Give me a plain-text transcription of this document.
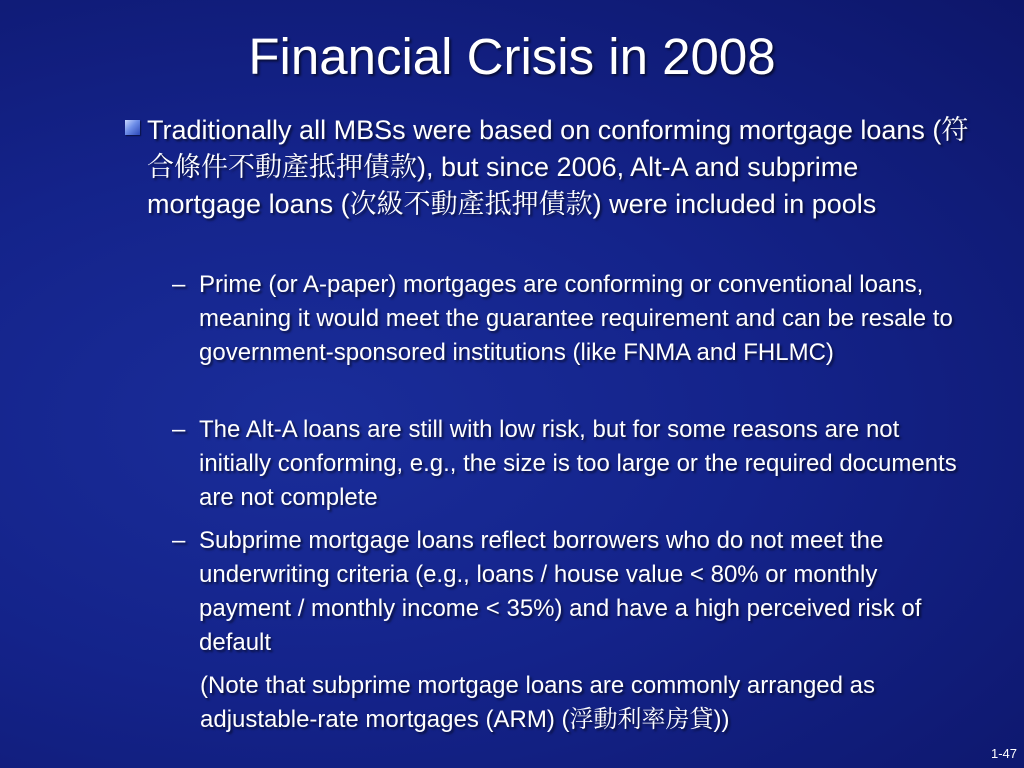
Financial Crisis in 2008
Traditionally all MBSs were based on conforming mortgage loans (符合條件不動產抵押債款), but since 2006, Alt-A and subprime mortgage loans (次級不動產抵押債款) were included in pools
– Prime (or A-paper) mortgages are conforming or conventional loans, meaning it would meet the guarantee requirement and can be resale to government-sponsored institutions (like FNMA and FHLMC)
– The Alt-A loans are still with low risk, but for some reasons are not initially conforming, e.g., the size is too large or the required documents are not complete
– Subprime mortgage loans reflect borrowers who do not meet the underwriting criteria (e.g., loans / house value < 80% or monthly payment / monthly income < 35%) and have a high perceived risk of default
(Note that subprime mortgage loans are commonly arranged as adjustable-rate mortgages (ARM) (浮動利率房貸))
1-47
